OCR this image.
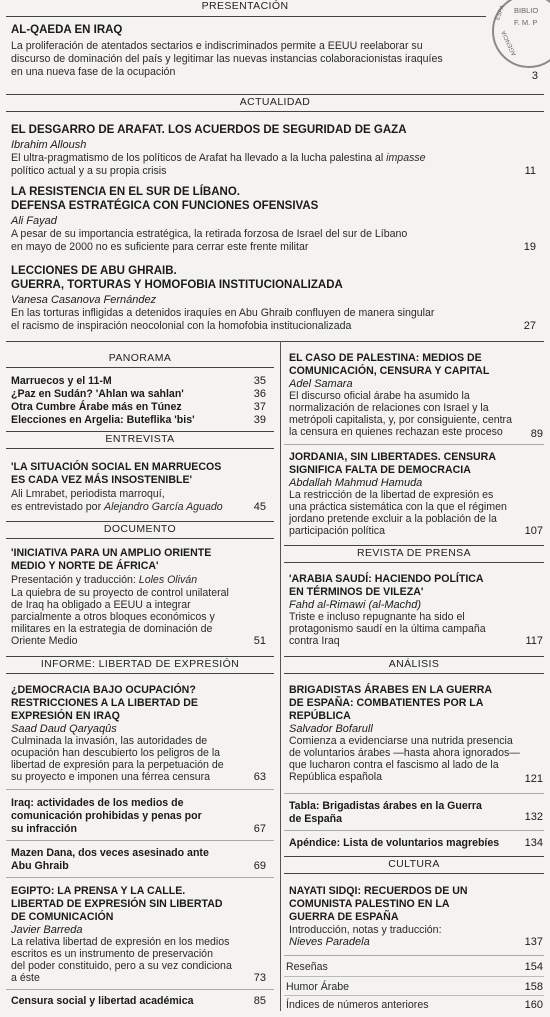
BIBLIO
F. M. P
ESPA
AGENCIA
PRESENTACIÓN
AL-QAEDA EN IRAQ
La proliferación de atentados sectarios e indiscriminados permite a EEUU reelaborar su
discurso de dominación del país y legitimar las nuevas instancias colaboracionistas iraquíes
en una nueva fase de la ocupación	3
ACTUALIDAD
EL DESGARRO DE ARAFAT. LOS ACUERDOS DE SEGURIDAD DE GAZA
Ibrahim Alloush
El ultra-pragmatismo de los políticos de Arafat ha llevado a la lucha palestina al impasse
político actual y a su propia crisis	11
LA RESISTENCIA EN EL SUR DE LÍBANO.
DEFENSA ESTRATÉGICA CON FUNCIONES OFENSIVAS
Ali Fayad
A pesar de su importancia estratégica, la retirada forzosa de Israel del sur de Líbano
en mayo de 2000 no es suficiente para cerrar este frente militar	19
LECCIONES DE ABU GHRAIB.
GUERRA, TORTURAS Y HOMOFOBIA INSTITUCIONALIZADA
Vanesa Casanova Fernández
En las torturas infligidas a detenidos iraquíes en Abu Ghraib confluyen de manera singular
el racismo de inspiración neocolonial con la homofobia institucionalizada	27
PANORAMA
Marruecos y el 11-M	35
¿Paz en Sudán? 'Ahlan wa sahlan'	36
Otra Cumbre Árabe más en Túnez	37
Elecciones en Argelia: Buteflika 'bis'	39
ENTREVISTA
'LA SITUACIÓN SOCIAL EN MARRUECOS
ES CADA VEZ MÁS INSOSTENIBLE'
Ali Lmrabet, periodista marroquí,
es entrevistado por Alejandro García Aguado	45
DOCUMENTO
'INICIATIVA PARA UN AMPLIO ORIENTE
MEDIO Y NORTE DE ÁFRICA'
Presentación y traducción: Loles Oliván
La quiebra de su proyecto de control unilateral
de Iraq ha obligado a EEUU a integrar
parcialmente a otros bloques económicos y
militares en la estrategia de dominación de
Oriente Medio	51
INFORME: LIBERTAD DE EXPRESIÓN
¿DEMOCRACIA BAJO OCUPACIÓN?
RESTRICCIONES A LA LIBERTAD DE
EXPRESIÓN EN IRAQ
Saad Daud Qaryaqûs
Culminada la invasión, las autoridades de
ocupación han descubierto los peligros de la
libertad de expresión para la perpetuación de
su proyecto e imponen una férrea censura	63
Iraq: actividades de los medios de
comunicación prohibidas y penas por
su infracción	67
Mazen Dana, dos veces asesinado ante
Abu Ghraib	69
EGIPTO: LA PRENSA Y LA CALLE.
LIBERTAD DE EXPRESIÓN SIN LIBERTAD
DE COMUNICACIÓN
Javier Barreda
La relativa libertad de expresión en los medios
escritos es un instrumento de preservación
del poder constituido, pero a su vez condiciona
a éste	73
Censura social y libertad académica	85
EL CASO DE PALESTINA: MEDIOS DE
COMUNICACIÓN, CENSURA Y CAPITAL
Adel Samara
El discurso oficial árabe ha asumido la
normalización de relaciones con Israel y la
metrópoli capitalista, y, por consiguiente, centra
la censura en quienes rechazan este proceso	89
JORDANIA, SIN LIBERTADES. CENSURA
SIGNIFICA FALTA DE DEMOCRACIA
Abdallah Mahmud Hamuda
La restricción de la libertad de expresión es
una práctica sistemática con la que el régimen
jordano pretende excluir a la población de la
participación política	107
REVISTA DE PRENSA
'ARABIA SAUDÍ: HACIENDO POLÍTICA
EN TÉRMINOS DE VILEZA'
Fahd al-Rimawi (al-Machd)
Triste e incluso repugnante ha sido el
protagonismo saudí en la última campaña
contra Iraq	117
ANÁLISIS
BRIGADISTAS ÁRABES EN LA GUERRA
DE ESPAÑA: COMBATIENTES POR LA
REPÚBLICA
Salvador Bofarull
Comienza a evidenciarse una nutrida presencia
de voluntarios árabes —hasta ahora ignorados—
que lucharon contra el fascismo al lado de la
República española	121
Tabla: Brigadistas árabes en la Guerra
de España	132
Apéndice: Lista de voluntarios magrebíes	134
CULTURA
NAYATI SIDQI: RECUERDOS DE UN
COMUNISTA PALESTINO EN LA
GUERRA DE ESPAÑA
Introducción, notas y traducción:
Nieves Paradela	137
Reseñas	154
Humor Árabe	158
Índices de números anteriores	160
